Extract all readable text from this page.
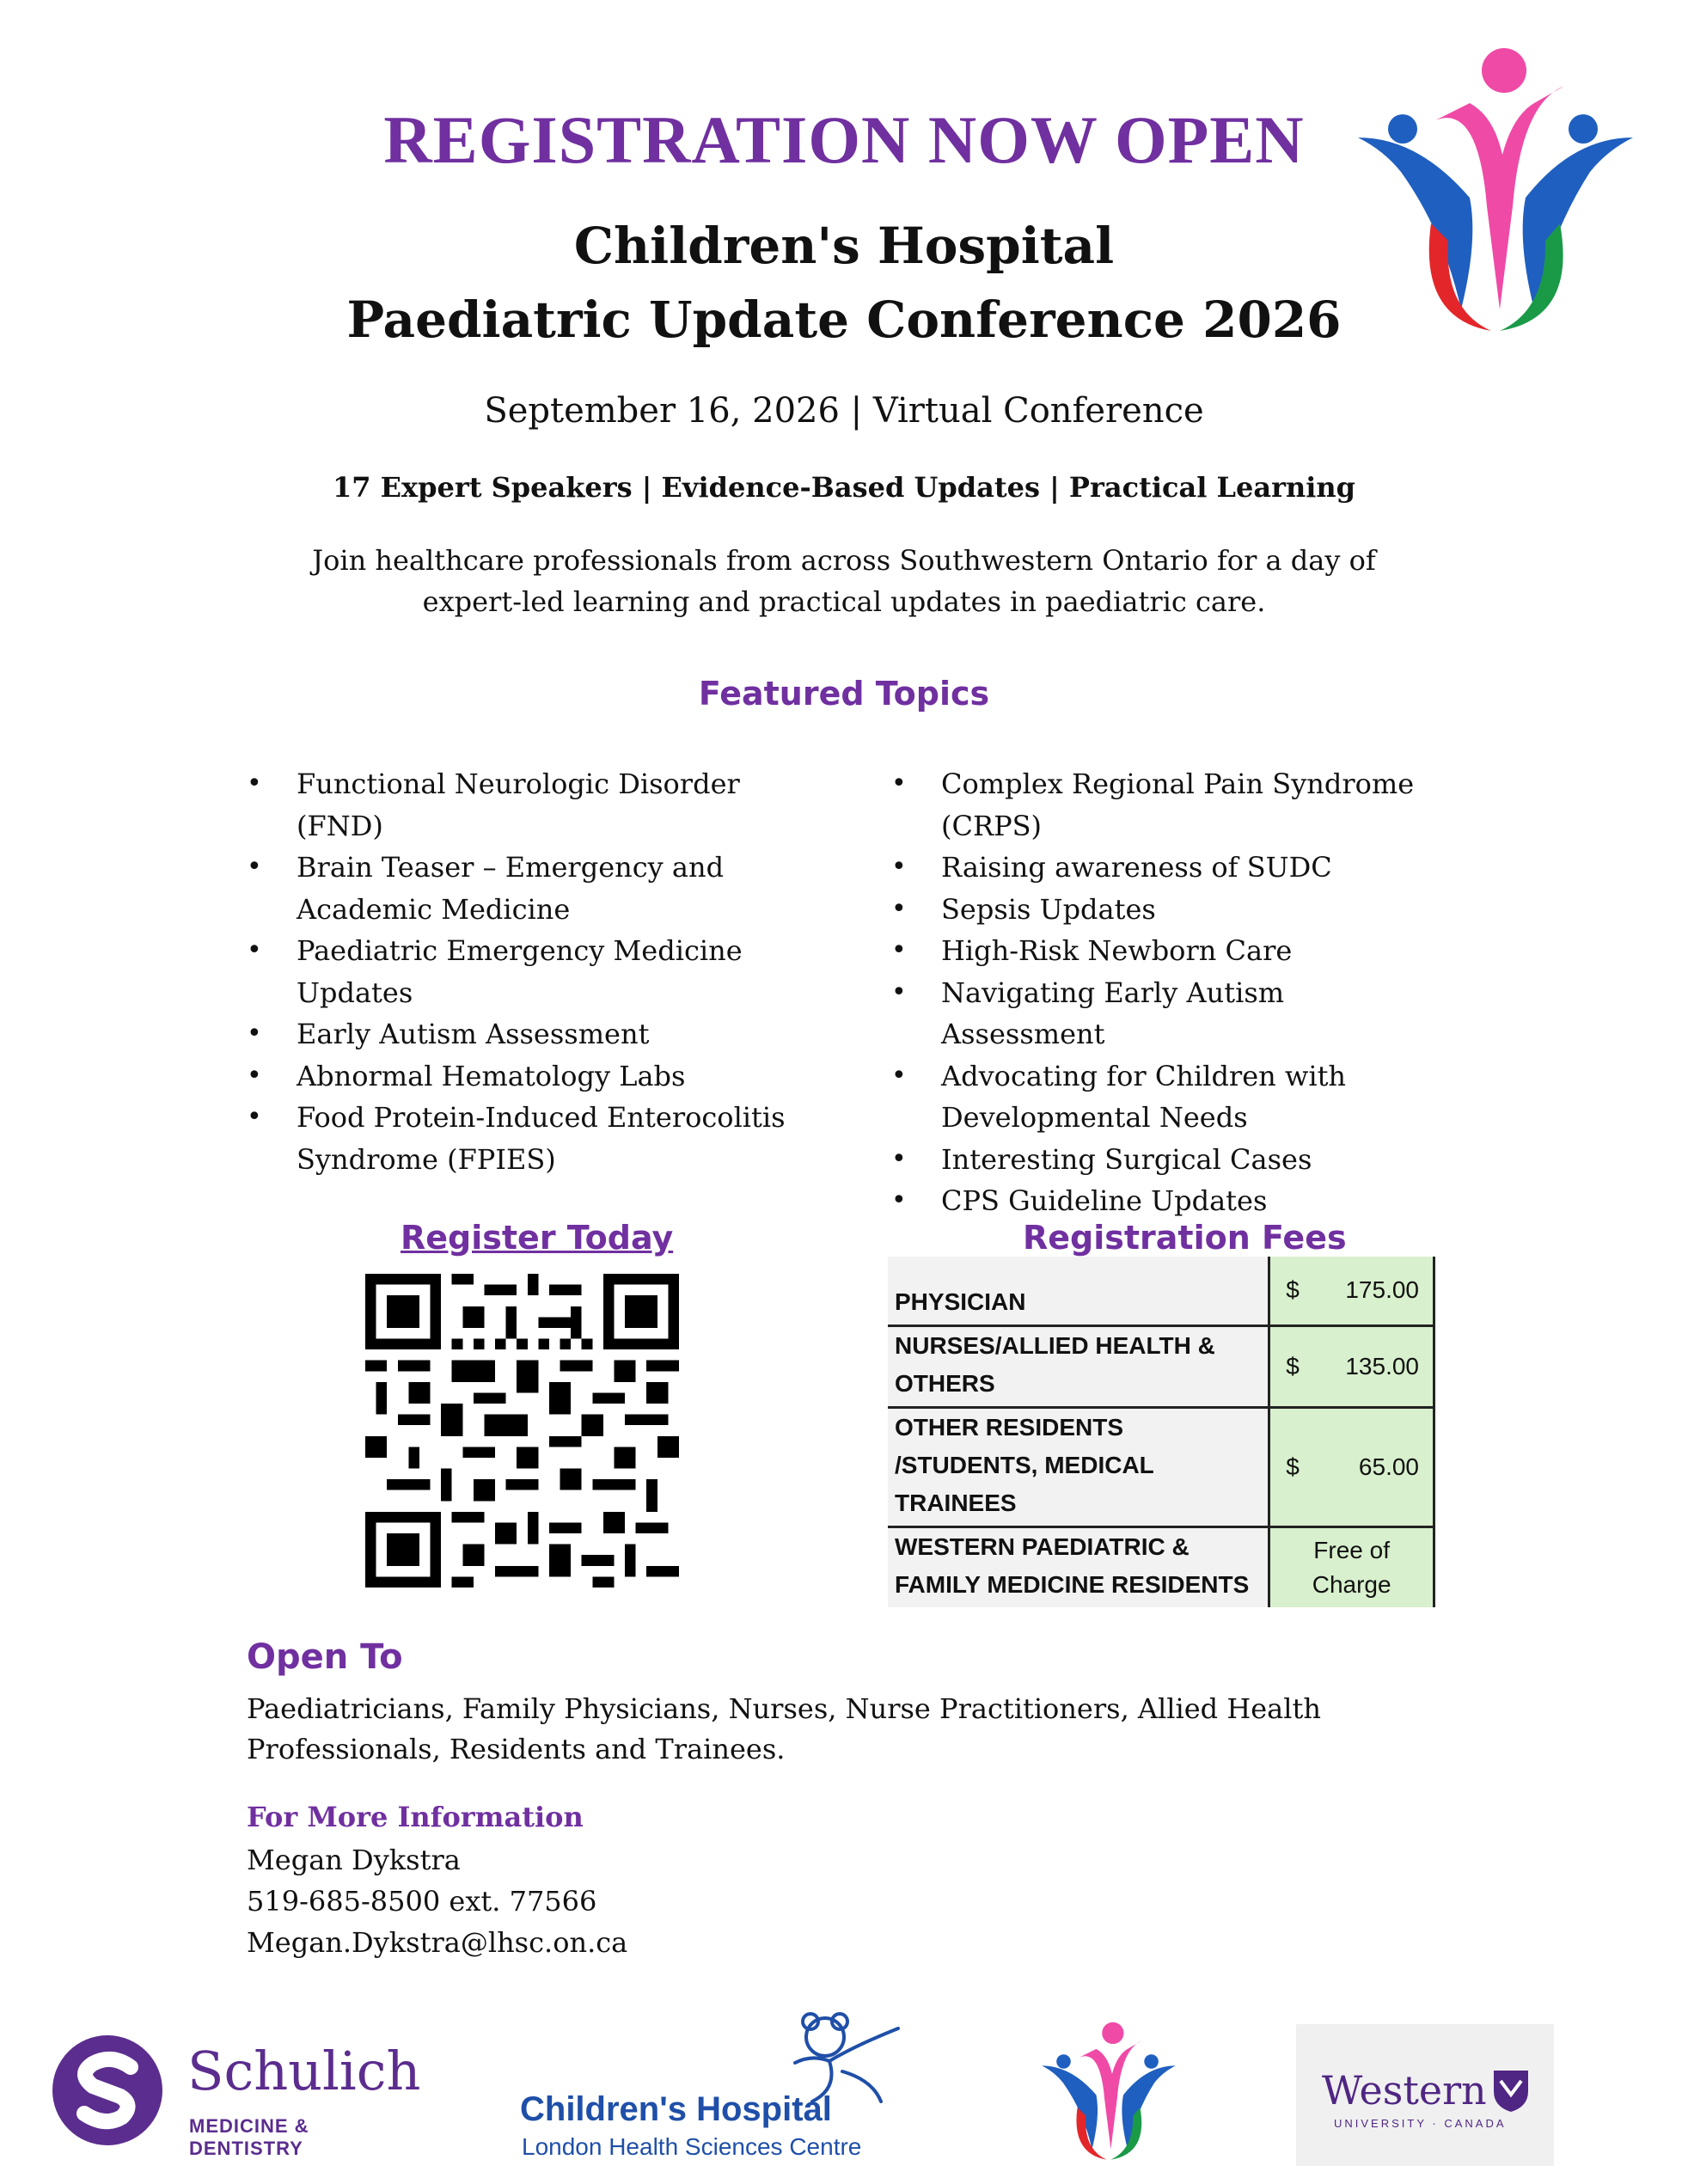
REGISTRATION NOW OPEN
Children's Hospital
Paediatric Update Conference 2026
September 16, 2026 | Virtual Conference
17 Expert Speakers | Evidence-Based Updates | Practical Learning
Join healthcare professionals from across Southwestern Ontario for a day of expert-led learning and practical updates in paediatric care.
Featured Topics
• Functional Neurologic Disorder (FND)
• Brain Teaser – Emergency and Academic Medicine
• Paediatric Emergency Medicine Updates
• Early Autism Assessment
• Abnormal Hematology Labs
• Food Protein-Induced Enterocolitis Syndrome (FPIES)
• Complex Regional Pain Syndrome (CRPS)
• Raising awareness of SUDC
• Sepsis Updates
• High-Risk Newborn Care
• Navigating Early Autism Assessment
• Advocating for Children with Developmental Needs
• Interesting Surgical Cases
• CPS Guideline Updates
Register Today	Registration Fees
PHYSICIAN	$ 175.00

NURSES/ALLIED HEALTH & OTHERS	$ 135.00

OTHER RESIDENTS /STUDENTS, MEDICAL TRAINEES	$ 65.00

WESTERN PAEDIATRIC & FAMILY MEDICINE RESIDENTS	Free of Charge
Open To
Paediatricians, Family Physicians, Nurses, Nurse Practitioners, Allied Health Professionals, Residents and Trainees.
For More Information
Megan Dykstra
519-685-8500 ext. 77566
Megan.Dykstra@lhsc.on.ca
Schulich
MEDICINE & DENTISTRY
Children's Hospital
London Health Sciences Centre
Western
UNIVERSITY · CANADA
